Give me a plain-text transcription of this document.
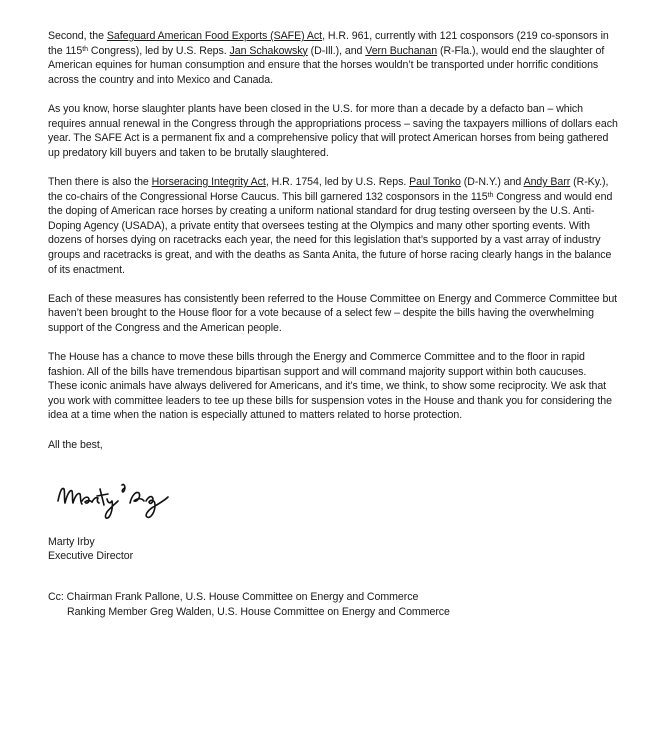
Second, the Safeguard American Food Exports (SAFE) Act, H.R. 961, currently with 121 cosponsors (219 co-sponsors in the 115th Congress), led by U.S. Reps. Jan Schakowsky (D-Ill.), and Vern Buchanan (R-Fla.), would end the slaughter of American equines for human consumption and ensure that the horses wouldn’t be transported under horrific conditions across the country and into Mexico and Canada.

As you know, horse slaughter plants have been closed in the U.S. for more than a decade by a defacto ban – which requires annual renewal in the Congress through the appropriations process – saving the taxpayers millions of dollars each year. The SAFE Act is a permanent fix and a comprehensive policy that will protect American horses from being gathered up predatory kill buyers and taken to be brutally slaughtered.

Then there is also the Horseracing Integrity Act, H.R. 1754, led by U.S. Reps. Paul Tonko (D-N.Y.) and Andy Barr (R-Ky.), the co-chairs of the Congressional Horse Caucus. This bill garnered 132 cosponsors in the 115th Congress and would end the doping of American race horses by creating a uniform national standard for drug testing overseen by the U.S. Anti-Doping Agency (USADA), a private entity that oversees testing at the Olympics and many other sporting events. With dozens of horses dying on racetracks each year, the need for this legislation that’s supported by a vast array of industry groups and racetracks is great, and with the deaths as Santa Anita, the future of horse racing clearly hangs in the balance of its enactment.

Each of these measures has consistently been referred to the House Committee on Energy and Commerce Committee but haven’t been brought to the House floor for a vote because of a select few – despite the bills having the overwhelming support of the Congress and the American people.

The House has a chance to move these bills through the Energy and Commerce Committee and to the floor in rapid fashion. All of the bills have tremendous bipartisan support and will command majority support within both caucuses. These iconic animals have always delivered for Americans, and it’s time, we think, to show some reciprocity. We ask that you work with committee leaders to tee up these bills for suspension votes in the House and thank you for considering the idea at a time when the nation is especially attuned to matters related to horse protection.

All the best,

Marty Irby

Executive Director

Cc: Chairman Frank Pallone, U.S. House Committee on Energy and Commerce

Ranking Member Greg Walden, U.S. House Committee on Energy and Commerce
